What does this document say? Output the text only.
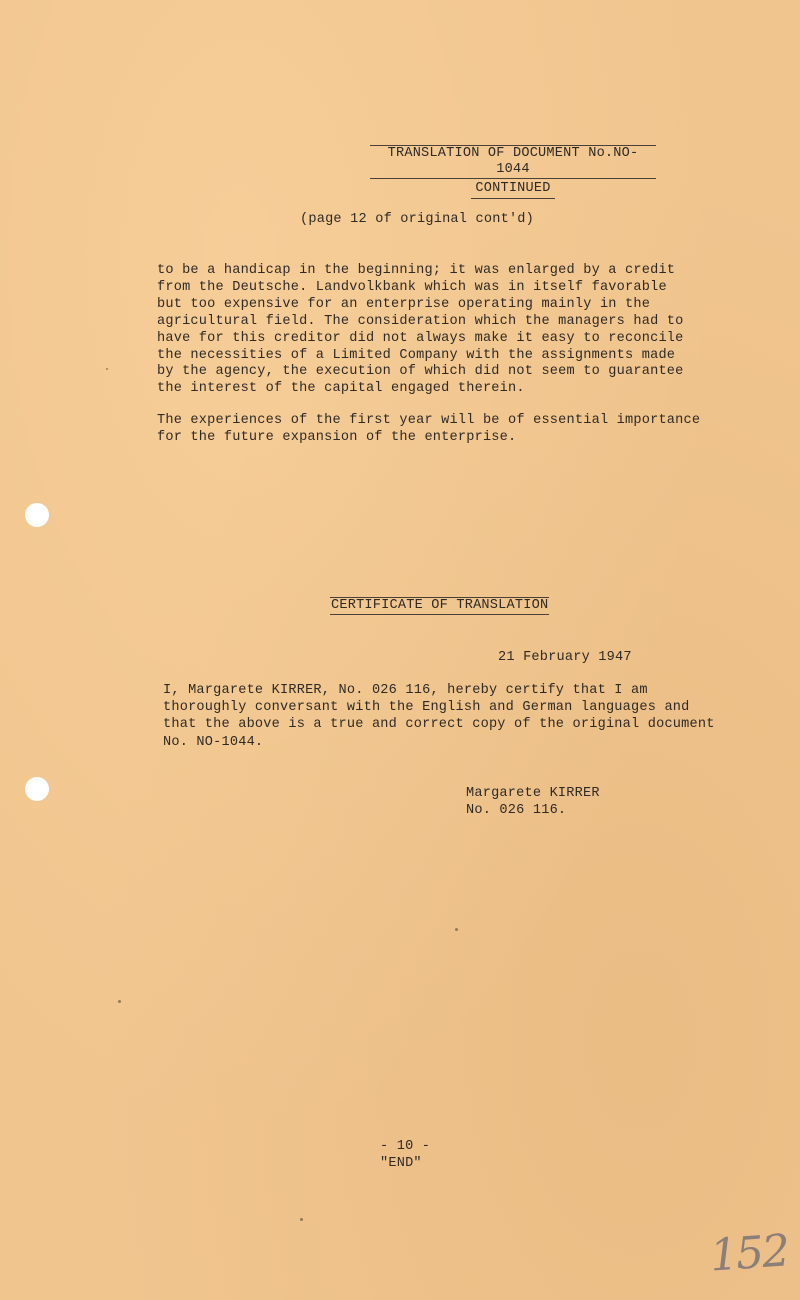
TRANSLATION OF DOCUMENT No.NO-1044
CONTINUED
(page 12 of original cont'd)
to be a handicap in the beginning; it was enlarged by a credit
from the Deutsche. Landvolkbank which was in itself favorable
but too expensive for an enterprise operating mainly in the
agricultural field. The consideration which the managers had to
have for this creditor did not always make it easy to reconcile
the necessities of a Limited Company with the assignments made
by the agency, the execution of which did not seem to guarantee
the interest of the capital engaged therein.
The experiences of the first year will be of essential importance
for the future expansion of the enterprise.
CERTIFICATE OF TRANSLATION
21 February 1947
I, Margarete KIRRER, No. 026 116, hereby certify that I am
thoroughly conversant with the English and German languages and
that the above is a true and correct copy of the original document
No. NO-1044.
Margarete KIRRER
No. 026 116.
- 10 -
"END"
152
